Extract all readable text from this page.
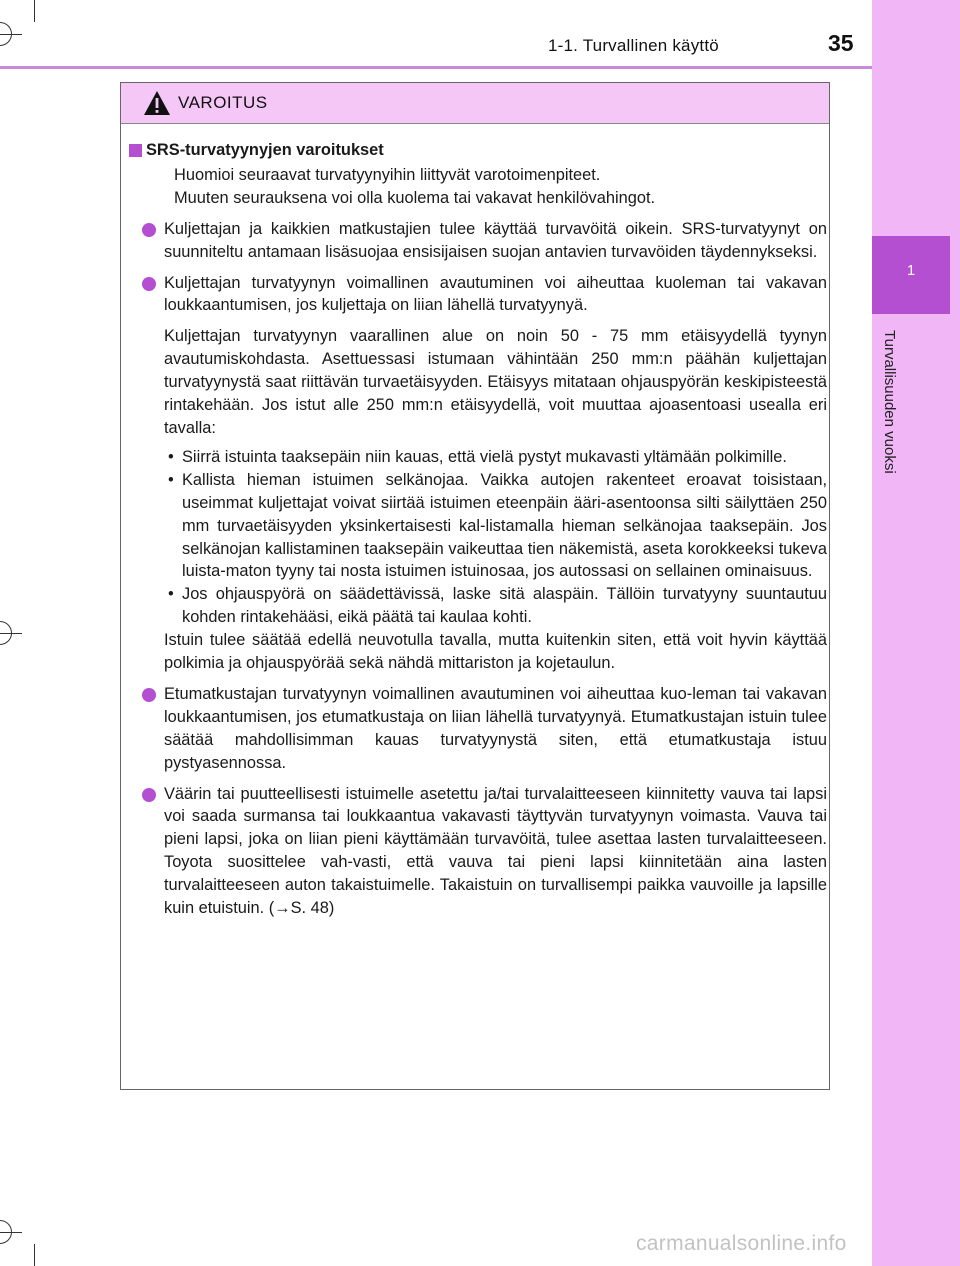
1-1. Turvallinen käyttö	35
1
Turvallisuuden vuoksi
VAROITUS
SRS-turvatyynyjen varoitukset
Huomioi seuraavat turvatyynyihin liittyvät varotoimenpiteet.
Muuten seurauksena voi olla kuolema tai vakavat henkilövahingot.
Kuljettajan ja kaikkien matkustajien tulee käyttää turvavöitä oikein. SRS-turvatyynyt on suunniteltu antamaan lisäsuojaa ensisijaisen suojan antavien turvavöiden täydennykseksi.
Kuljettajan turvatyynyn voimallinen avautuminen voi aiheuttaa kuoleman tai vakavan loukkaantumisen, jos kuljettaja on liian lähellä turvatyynyä.
Kuljettajan turvatyynyn vaarallinen alue on noin 50 - 75 mm etäisyydellä tyynyn avautumiskohdasta. Asettuessasi istumaan vähintään 250 mm:n päähän kuljettajan turvatyynystä saat riittävän turvaetäisyyden. Etäisyys mitataan ohjauspyörän keskipisteestä rintakehään. Jos istut alle 250 mm:n etäisyydellä, voit muuttaa ajoasentoasi usealla eri tavalla:
• Siirrä istuinta taaksepäin niin kauas, että vielä pystyt mukavasti yltämään polkimille.
• Kallista hieman istuimen selkänojaa. Vaikka autojen rakenteet eroavat toisistaan, useimmat kuljettajat voivat siirtää istuimen eteenpäin ääri-asentoonsa silti säilyttäen 250 mm turvaetäisyyden yksinkertaisesti kal-listamalla hieman selkänojaa taaksepäin. Jos selkänojan kallistaminen taaksepäin vaikeuttaa tien näkemistä, aseta korokkeeksi tukeva luista-maton tyyny tai nosta istuimen istuinosaa, jos autossasi on sellainen ominaisuus.
• Jos ohjauspyörä on säädettävissä, laske sitä alaspäin. Tällöin turvatyyny suuntautuu kohden rintakehääsi, eikä päätä tai kaulaa kohti.
Istuin tulee säätää edellä neuvotulla tavalla, mutta kuitenkin siten, että voit hyvin käyttää polkimia ja ohjauspyörää sekä nähdä mittariston ja kojetaulun.
Etumatkustajan turvatyynyn voimallinen avautuminen voi aiheuttaa kuo-leman tai vakavan loukkaantumisen, jos etumatkustaja on liian lähellä turvatyynyä. Etumatkustajan istuin tulee säätää mahdollisimman kauas turvatyynystä siten, että etumatkustaja istuu pystyasennossa.
Väärin tai puutteellisesti istuimelle asetettu ja/tai turvalaitteeseen kiinnitetty vauva tai lapsi voi saada surmansa tai loukkaantua vakavasti täyttyvän turvatyynyn voimasta. Vauva tai pieni lapsi, joka on liian pieni käyttämään turvavöitä, tulee asettaa lasten turvalaitteeseen. Toyota suosittelee vah-vasti, että vauva tai pieni lapsi kiinnitetään aina lasten turvalaitteeseen auton takaistuimelle. Takaistuin on turvallisempi paikka vauvoille ja lapsille kuin etuistuin. (→S. 48)
carmanualsonline.info
